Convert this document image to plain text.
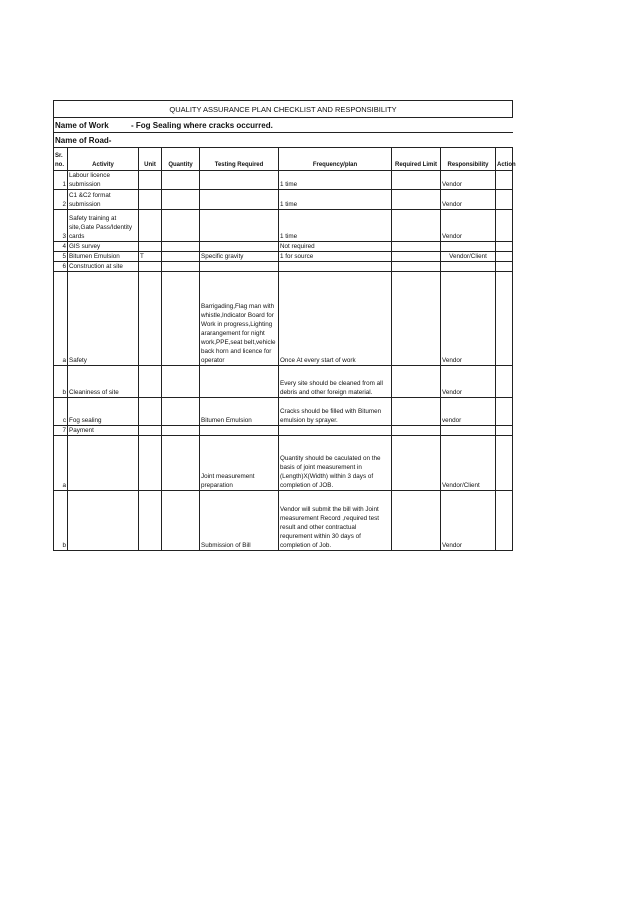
QUALITY ASSURANCE PLAN CHECKLIST AND RESPONSIBILITY								
Name of Work - Fog Sealing where cracks occurred.								
Name of Road-								
Sr. no.	Activity	Unit	Quantity	Testing Required	Frequency/plan	Required Limit	Responsibility	Action
1	Labour licence submission				1 time		Vendor	
2	C1 &C2 format submission				1 time		Vendor	
3	Safety training at site,Gate Pass/Identity cards				1 time		Vendor	
4	GIS survey				Not required			
5	Bitumen Emulsion	T		Specific gravity	1 for source		Vendor/Client	
6	Construction at site							
a	Safety			Barrigading,Flag man with whistle,Indicator Board for Work in progress,Lighting ararangement for night work,PPE,seat belt,vehicle back horn and licence for operator	Once At every start of work		Vendor	
b	Cleaniness of site				Every site should be cleaned from all debris and other foreign material.		Vendor	
c	Fog sealing			Bitumen Emulsion	Cracks should be filled with Bitumen emulsion by sprayer.		vendor	
7	Payment							
a				Joint measurement preparation	Quantity should be caculated on the basis of joint measurement in (Length)X(Width) within 3 days of completion of JOB.		Vendor/Client	
b				Submission of Bill	Vendor will submit the bill with Joint measurement Record ,required test result and other contractual requrement within 30 days of completion of Job.		Vendor	
